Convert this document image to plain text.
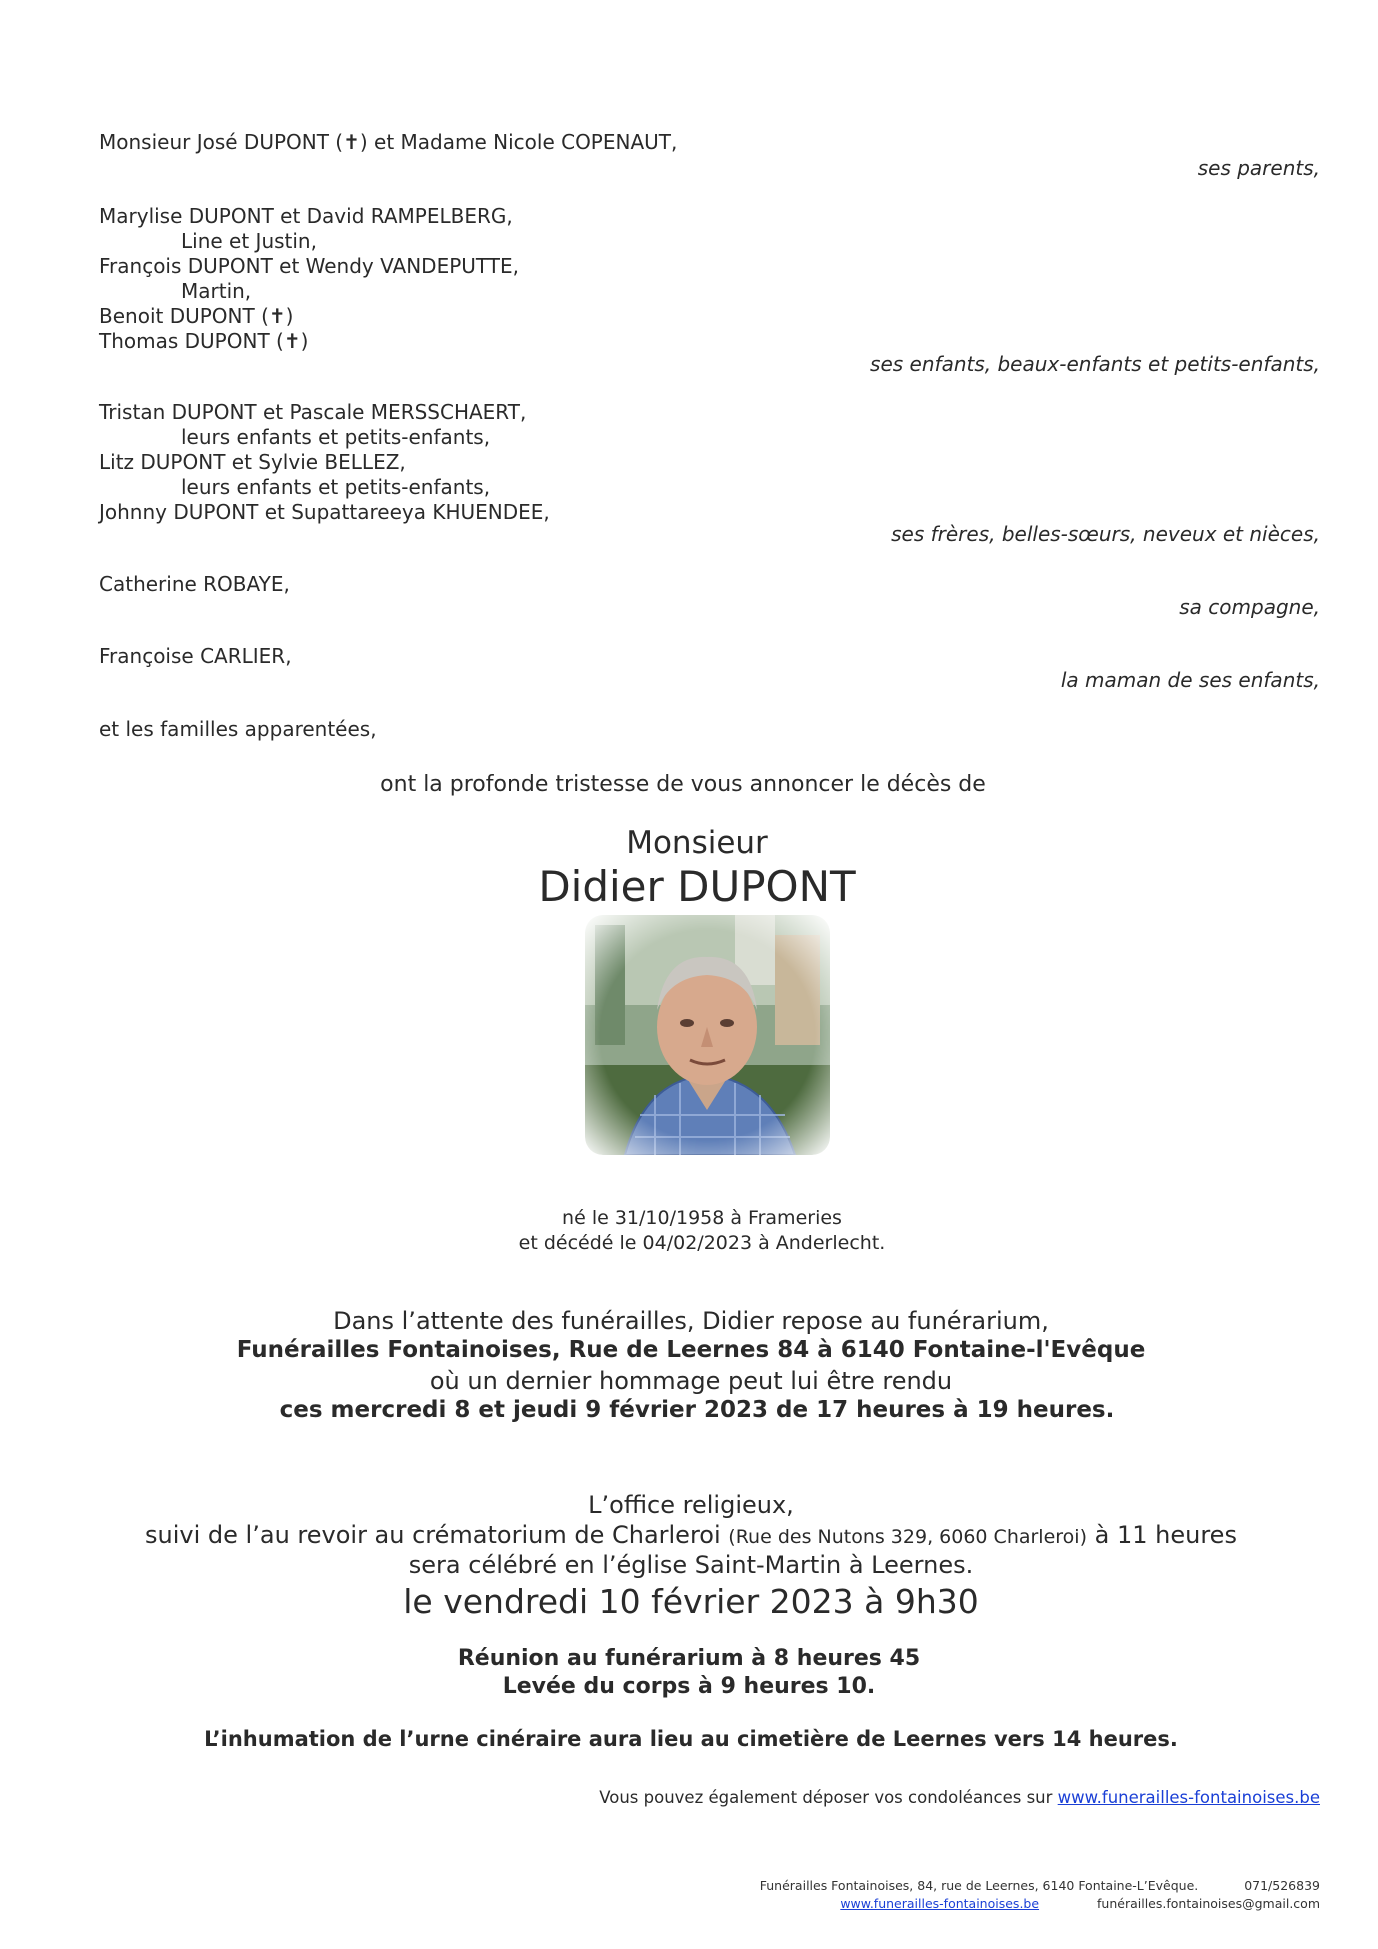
Monsieur José DUPONT (✝) et Madame Nicole COPENAUT,
ses parents,
Marylise DUPONT et David RAMPELBERG,
Line et Justin,
François DUPONT et Wendy VANDEPUTTE,
Martin,
Benoit DUPONT (✝)
Thomas DUPONT (✝)
ses enfants, beaux-enfants et petits-enfants,
Tristan DUPONT et Pascale MERSSCHAERT,
leurs enfants et petits-enfants,
Litz DUPONT et Sylvie BELLEZ,
leurs enfants et petits-enfants,
Johnny DUPONT et Supattareeya KHUENDEE,
ses frères, belles-sœurs, neveux et nièces,
Catherine ROBAYE,
sa compagne,
Françoise CARLIER,
la maman de ses enfants,
et les familles apparentées,
ont la profonde tristesse de vous annoncer le décès de
Monsieur
Didier DUPONT
né le 31/10/1958 à Frameries
et décédé le 04/02/2023 à Anderlecht.
Dans l’attente des funérailles, Didier repose au funérarium,
Funérailles Fontainoises, Rue de Leernes 84 à 6140 Fontaine-l'Evêque
où un dernier hommage peut lui être rendu
ces mercredi 8 et jeudi 9 février 2023 de 17 heures à 19 heures.
L’office religieux,
suivi de l’au revoir au crématorium de Charleroi (Rue des Nutons 329, 6060 Charleroi) à 11 heures
sera célébré en l’église Saint-Martin à Leernes.
le vendredi 10 février 2023 à 9h30
Réunion au funérarium à 8 heures 45
Levée du corps à 9 heures 10.
L’inhumation de l’urne cinéraire aura lieu au cimetière de Leernes vers 14 heures.
Vous pouvez également déposer vos condoléances sur www.funerailles-fontainoises.be
Funérailles Fontainoises, 84, rue de Leernes, 6140 Fontaine-L’Evêque.	071/526839
www.funerailles-fontainoises.be	funérailles.fontainoises@gmail.com
